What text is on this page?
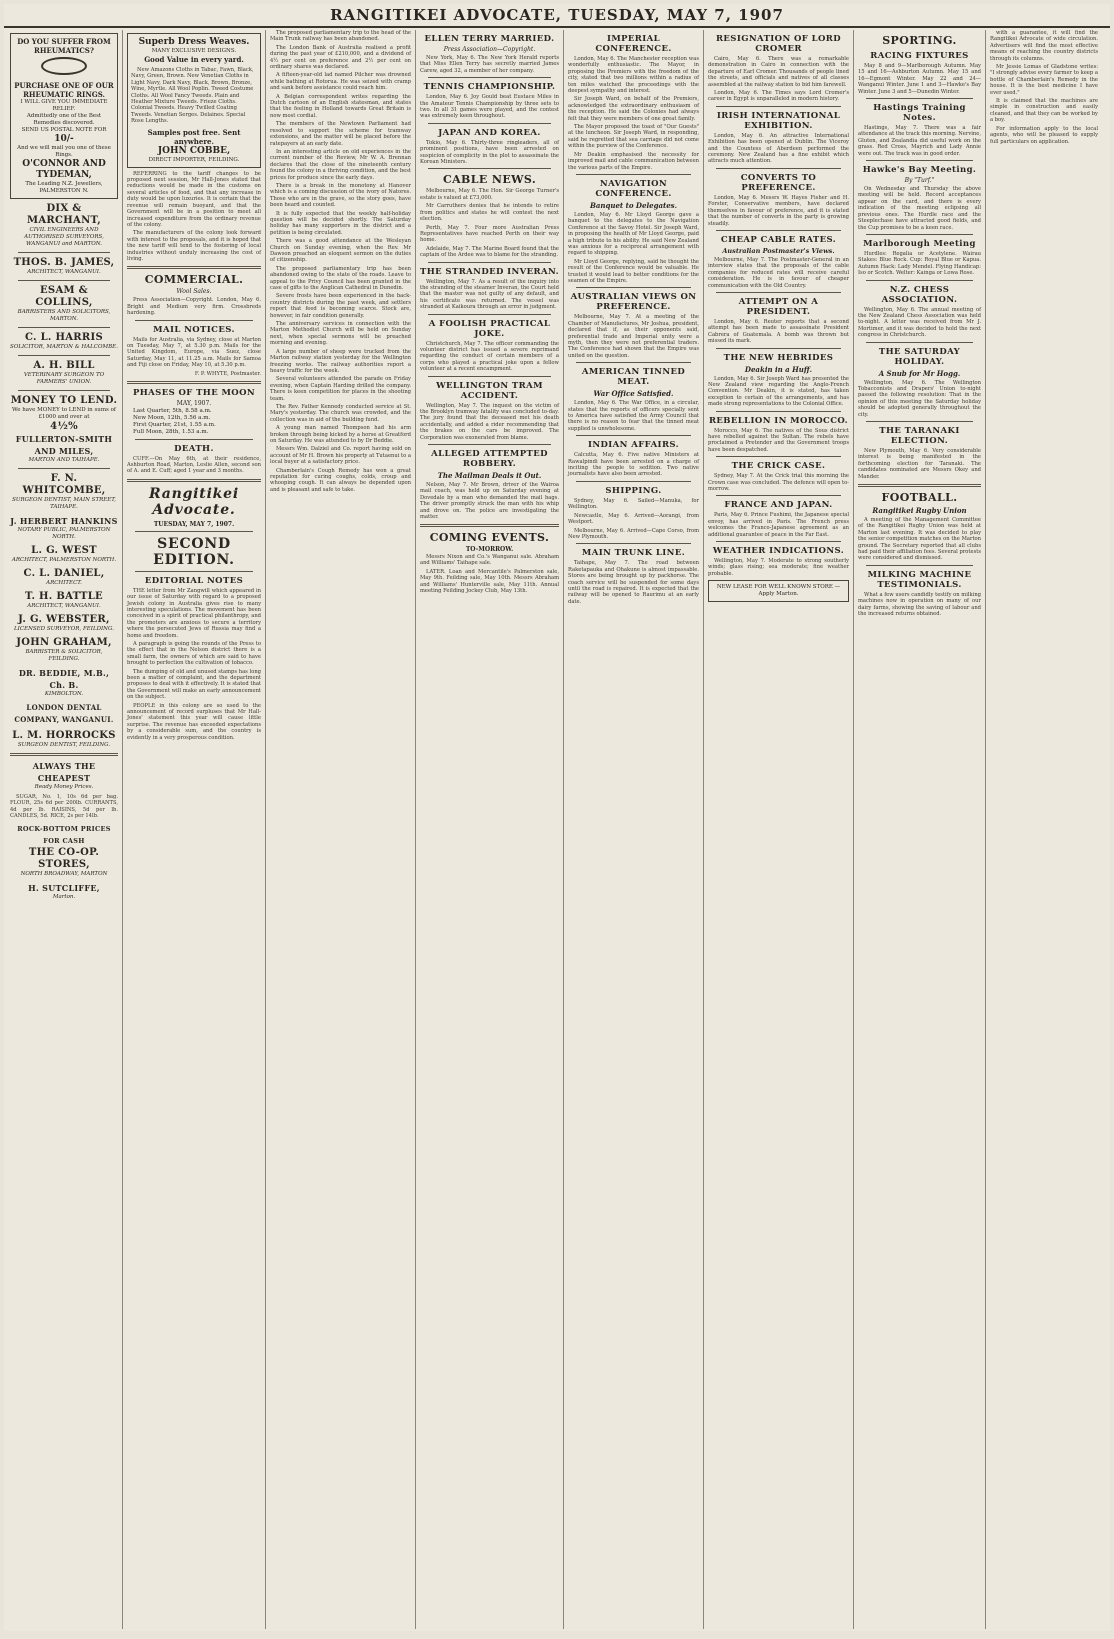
RANGITIKEI ADVOCATE, TUESDAY, MAY 7, 1907
DO YOU SUFFER FROM RHEUMATICS?
PURCHASE ONE OF OUR RHEUMATIC RINGS.
I WILL GIVE YOU IMMEDIATE RELIEF.
Admittedly one of the Best Remedies discovered.
SEND US POSTAL NOTE FOR
10/-
And we will mail you one of these Rings.
O'CONNOR AND TYDEMAN,
The Leading N.Z. Jewellers, PALMERSTON N.
DIX & MARCHANT,
CIVIL ENGINEERS AND AUTHORISED SURVEYORS, WANGANUI and MARTON.
THOS. B. JAMES,
ARCHITECT, WANGANUI.
ESAM & COLLINS,
BARRISTERS AND SOLICITORS, MARTON.
C. L. HARRIS
SOLICITOR, MARTON & HALCOMBE.
A. H. BILL
VETERINARY SURGEON TO FARMERS' UNION.
MONEY TO LEND.
We have MONEY to LEND in sums of £1000 and over at
4½%
FULLERTON-SMITH AND MILES,
MARTON AND TAIHAPE.
F. N. WHITCOMBE,
SURGEON DENTIST, MAIN STREET, TAIHAPE.
J. HERBERT HANKINS
NOTARY PUBLIC, PALMERSTON NORTH.
L. G. WEST
ARCHITECT, PALMERSTON NORTH.
C. L. DANIEL,
ARCHITECT.
T. H. BATTLE
ARCHITECT, WANGANUI.
J. G. WEBSTER,
LICENSED SURVEYOR, FEILDING.
JOHN GRAHAM,
BARRISTER & SOLICITOR, FEILDING.
DR. BEDDIE, M.B., Ch. B.
KIMBOLTON.
LONDON DENTAL COMPANY, WANGANUI.
L. M. HORROCKS
SURGEON DENTIST, FEILDING.
ALWAYS THE CHEAPEST
Ready Money Prices.

SUGAR, No. 1, 10s 6d per bag. FLOUR, 25s 6d per 200lb. CURRANTS, 4d per lb. RAISINS, 5d per lb. CANDLES, 5d. RICE, 2s per 14lb.

ROCK-BOTTOM PRICES FOR CASH
THE CO-OP. STORES,
NORTH BROADWAY, MARTON
H. SUTCLIFFE,
Marton.
Superb Dress Weaves.
MANY EXCLUSIVE DESIGNS.
Good Value in every yard.

New Amazons Cloths in Tabac, Fawn, Black, Navy, Green, Brown. New Venetian Cloths in Light Navy, Dark Navy, Black, Brown, Bronze, Wine, Myrtle. All Wool Poplin. Tweed Costume Cloths. All Wool Fancy Tweeds. Plain and Heather Mixture Tweeds. Frieze Cloths. Colonial Tweeds. Heavy Twilled Coating Tweeds. Venetian Serges. Delaines. Special Rose Lengths.

Samples post free. Sent anywhere.
JOHN COBBE,
DIRECT IMPORTER, FEILDING.

REFERRING to the tariff changes to be proposed next session, Mr Hall-Jones stated that reductions would be made in the customs on several articles of food, and that any increase in duty would be upon luxuries. It is certain that the revenue will remain buoyant, and that the Government will be in a position to meet all increased expenditure from the ordinary revenue of the colony.

The manufacturers of the colony look forward with interest to the proposals, and it is hoped that the new tariff will tend to the fostering of local industries without unduly increasing the cost of living.

COMMERCIAL.
Wool Sales.

Press Association—Copyright. London, May 6. Bright and Medium very firm. Crossbreds hardening.

MAIL NOTICES.

Mails for Australia, via Sydney, close at Marton on Tuesday, May 7, at 5.30 p.m. Mails for the United Kingdom, Europe, via Suez, close Saturday, May 11, at 11.25 a.m. Mails for Samoa and Fiji close on Friday, May 10, at 5.30 p.m.

F. P. WHYTE, Postmaster.

PHASES OF THE MOON
MAY, 1907.
Last Quarter, 5th, 8.58 a.m.
New Moon, 12th, 5.56 a.m.
First Quarter, 21st, 1.55 a.m.
Full Moon, 28th, 1.53 a.m.
DEATH.

CUFF.—On May 6th, at their residence, Ashburton Road, Marton, Leslie Allen, second son of A. and E. Cuff; aged 1 year and 3 months.

Rangitikei Advocate.
TUESDAY, MAY 7, 1907.
SECOND EDITION.
EDITORIAL NOTES

THE letter from Mr Zangwill which appeared in our issue of Saturday with regard to a proposed Jewish colony in Australia gives rise to many interesting speculations. The movement has been conceived in a spirit of practical philanthropy, and the promoters are anxious to secure a territory where the persecuted Jews of Russia may find a home and freedom.

A paragraph is going the rounds of the Press to the effect that in the Nelson district there is a small farm, the owners of which are said to have brought to perfection the cultivation of tobacco.

The dumping of old and unused stamps has long been a matter of complaint, and the department proposes to deal with it effectively. It is stated that the Government will make an early announcement on the subject.

PEOPLE in this colony are so used to the announcement of record surpluses that Mr Hall-Jones' statement this year will cause little surprise. The revenue has exceeded expectations by a considerable sum, and the country is evidently in a very prosperous condition.

The proposed parliamentary trip to the head of the Main Trunk railway has been abandoned.

The London Bank of Australia realised a profit during the past year of £210,000, and a dividend of 4½ per cent on preference and 2½ per cent on ordinary shares was declared.

A fifteen-year-old lad named Pilcher was drowned while bathing at Rotorua. He was seized with cramp and sank before assistance could reach him.

A Belgian correspondent writes regarding the Dutch cartoon of an English statesman, and states that the feeling in Holland towards Great Britain is now most cordial.

The members of the Newtown Parliament had resolved to support the scheme for tramway extensions, and the matter will be placed before the ratepayers at an early date.

In an interesting article on old experiences in the current number of the Review, Mr W. A. Brennan declares that the close of the nineteenth century found the colony in a thriving condition, and the best prices for produce since the early days.

There is a break in the monotony at Hanover which is a coming discussion of the ivory of Natores. Those who are in the grave, so the story goes, have been heard and counted.

It is fully expected that the weekly half-holiday question will be decided shortly. The Saturday holiday has many supporters in the district and a petition is being circulated.

There was a good attendance at the Wesleyan Church on Sunday evening, when the Rev. Mr Dawson preached an eloquent sermon on the duties of citizenship.

The proposed parliamentary trip has been abandoned owing to the state of the roads. Leave to appeal to the Privy Council has been granted in the case of gifts to the Anglican Cathedral in Dunedin.

Severe frosts have been experienced in the back-country districts during the past week, and settlers report that feed is becoming scarce. Stock are, however, in fair condition generally.

The anniversary services in connection with the Marton Methodist Church will be held on Sunday next, when special sermons will be preached morning and evening.

A large number of sheep were trucked from the Marton railway station yesterday for the Wellington freezing works. The railway authorities report a heavy traffic for the week.

Several volunteers attended the parade on Friday evening, when Captain Harding drilled the company. There is keen competition for places in the shooting team.

The Rev. Father Kennedy conducted service at St. Mary's yesterday. The church was crowded, and the collection was in aid of the building fund.

A young man named Thompson had his arm broken through being kicked by a horse at Greatford on Saturday. He was attended to by Dr Beddie.

Messrs Wm. Dalziel and Co. report having sold on account of Mr H. Brown his property at Tutaenui to a local buyer at a satisfactory price.

Chamberlain's Cough Remedy has won a great reputation for curing coughs, colds, croup and whooping cough. It can always be depended upon and is pleasant and safe to take.

ELLEN TERRY MARRIED.
Press Association—Copyright.

New York, May 6. The New York Herald reports that Miss Ellen Terry has secretly married James Carew, aged 32, a member of her company.

TENNIS CHAMPIONSHIP.

London, May 6. Joy Gould beat Eustace Miles in the Amateur Tennis Championship by three sets to two. In all 31 games were played, and the contest was extremely keen throughout.

JAPAN AND KOREA.

Tokio, May 6. Thirty-three ringleaders, all of prominent positions, have been arrested on suspicion of complicity in the plot to assassinate the Korean Ministers.

CABLE NEWS.

Melbourne, May 6. The Hon. Sir George Turner's estate is valued at £73,000.

Mr Carruthers denies that he intends to retire from politics and states he will contest the next election.

Perth, May 7. Four more Australian Press Representatives have reached Perth on their way home.

Adelaide, May 7. The Marine Board found that the captain of the Ardee was to blame for the stranding.

THE STRANDED INVERAN.

Wellington, May 7. As a result of the inquiry into the stranding of the steamer Inveran, the Court held that the master was not guilty of any default, and his certificate was returned. The vessel was stranded at Kaikoura through an error in judgment.

A FOOLISH PRACTICAL JOKE.

Christchurch, May 7. The officer commanding the volunteer district has issued a severe reprimand regarding the conduct of certain members of a corps who played a practical joke upon a fellow volunteer at a recent encampment.

WELLINGTON TRAM ACCIDENT.

Wellington, May 7. The inquest on the victim of the Brooklyn tramway fatality was concluded to-day. The jury found that the deceased met his death accidentally, and added a rider recommending that the brakes on the cars be improved. The Corporation was exonerated from blame.

ALLEGED ATTEMPTED ROBBERY.
The Mailman Deals it Out.

Nelson, May 7. Mr Brown, driver of the Wairoa mail coach, was held up on Saturday evening at Dovedale by a man who demanded the mail bags. The driver promptly struck the man with his whip and drove on. The police are investigating the matter.

COMING EVENTS.
TO-MORROW.

Messrs Nixon and Co.'s Wanganui sale. Abraham and Williams' Taihape sale.

LATER. Loan and Mercantile's Palmerston sale, May 9th. Feilding sale, May 10th. Messrs Abraham and Williams' Hunterville sale, May 11th. Annual meeting Feilding Jockey Club, May 13th.

IMPERIAL CONFERENCE.

London, May 6. The Manchester reception was wonderfully enthusiastic. The Mayor, in proposing the Premiers with the freedom of the city, stated that two millions within a radius of ten miles watched the proceedings with the deepest sympathy and interest.

Sir Joseph Ward, on behalf of the Premiers, acknowledged the extraordinary enthusiasm of the reception. He said the Colonies had always felt that they were members of one great family.

The Mayor proposed the toast of "Our Guests" at the luncheon. Sir Joseph Ward, in responding, said he regretted that sea carriage did not come within the purview of the Conference.

Mr Deakin emphasised the necessity for improved mail and cable communication between the various parts of the Empire.

NAVIGATION CONFERENCE.
Banquet to Delegates.

London, May 6. Mr Lloyd George gave a banquet to the delegates to the Navigation Conference at the Savoy Hotel. Sir Joseph Ward, in proposing the health of Mr Lloyd George, paid a high tribute to his ability. He said New Zealand was anxious for a reciprocal arrangement with regard to shipping.

Mr Lloyd George, replying, said he thought the result of the Conference would be valuable. He trusted it would lead to better conditions for the seamen of the Empire.

AUSTRALIAN VIEWS ON PREFERENCE.

Melbourne, May 7. At a meeting of the Chamber of Manufactures, Mr Joshua, president, declared that if, as their opponents said, preferential trade and Imperial unity were a myth, then they were not preferential traders. The Conference had shown that the Empire was united on the question.

AMERICAN TINNED MEAT.
War Office Satisfied.

London, May 6. The War Office, in a circular, states that the reports of officers specially sent to America have satisfied the Army Council that there is no reason to fear that the tinned meat supplied is unwholesome.

INDIAN AFFAIRS.

Calcutta, May 6. Five native Ministers at Rawalpindi have been arrested on a charge of inciting the people to sedition. Two native journalists have also been arrested.

SHIPPING.

Sydney, May 6. Sailed—Manuka, for Wellington.

Newcastle, May 6. Arrived—Aorangi, from Westport.

Melbourne, May 6. Arrived—Cape Corso, from New Plymouth.

MAIN TRUNK LINE.

Taihape, May 7. The road between Raketapauka and Ohakune is almost impassable. Stores are being brought up by packhorse. The coach service will be suspended for some days until the road is repaired. It is expected that the railway will be opened to Raurimu at an early date.

RESIGNATION OF LORD CROMER

Cairo, May 6. There was a remarkable demonstration in Cairo in connection with the departure of Earl Cromer. Thousands of people lined the streets, and officials and natives of all classes assembled at the railway station to bid him farewell.

London, May 6. The Times says Lord Cromer's career in Egypt is unparalleled in modern history.

IRISH INTERNATIONAL EXHIBITION.

London, May 6. An attractive International Exhibition has been opened at Dublin. The Viceroy and the Countess of Aberdeen performed the ceremony. New Zealand has a fine exhibit which attracts much attention.

CONVERTS TO PREFERENCE.

London, May 6. Messrs W. Hayes Fisher and H. Forster, Conservative members, have declared themselves in favour of preference, and it is stated that the number of converts in the party is growing steadily.

CHEAP CABLE RATES.
Australian Postmaster's Views.

Melbourne, May 7. The Postmaster-General in an interview states that the proposals of the cable companies for reduced rates will receive careful consideration. He is in favour of cheaper communication with the Old Country.

ATTEMPT ON A PRESIDENT.

London, May 6. Reuter reports that a second attempt has been made to assassinate President Cabrera of Guatemala. A bomb was thrown but missed its mark.

THE NEW HEBRIDES
Deakin in a Huff.

London, May 6. Sir Joseph Ward has presented the New Zealand view regarding the Anglo-French Convention. Mr Deakin, it is stated, has taken exception to certain of the arrangements, and has made strong representations to the Colonial Office.

REBELLION IN MOROCCO.

Morocco, May 6. The natives of the Sous district have rebelled against the Sultan. The rebels have proclaimed a Pretender and the Government troops have been despatched.

THE CRICK CASE.

Sydney, May 7. At the Crick trial this morning the Crown case was concluded. The defence will open to-morrow.

FRANCE AND JAPAN.

Paris, May 6. Prince Fushimi, the Japanese special envoy, has arrived in Paris. The French press welcomes the Franco-Japanese agreement as an additional guarantee of peace in the Far East.

WEATHER INDICATIONS.

Wellington, May 7. Moderate to strong southerly winds; glass rising; sea moderate; fine weather probable.

NEW LEASE FOR WELL KNOWN STORE — Apply Marton.
SPORTING.
RACING FIXTURES

May 8 and 9—Marlborough Autumn. May 15 and 16—Ashburton Autumn. May 15 and 16—Egmont Winter. May 22 and 24—Wanganui Winter. June 1 and 3—Hawke's Bay Winter. June 3 and 5—Dunedin Winter.

Hastings Training Notes.

Hastings, May 7. There was a fair attendance at the track this morning. Nervine, Gluten, and Zealandia did useful work on the grass. Red Cross, Mayrich and Lady Annie were out. The track was in good order.

Hawke's Bay Meeting.
By "Turf."

On Wednesday and Thursday the above meeting will be held. Record acceptances appear on the card, and there is every indication of the meeting eclipsing all previous ones. The Hurdle race and the Steeplechase have attracted good fields, and the Cup promises to be a keen race.

Marlborough Meeting

Hurdles: Regalia or Acetylene. Wairau Stakes: Blue Rock. Cup: Royal Blue or Kapua. Autumn Hack: Lady Mendel. Flying Handicap: Iso or Scotch. Welter: Kainga or Lowa Rose.

N.Z. CHESS ASSOCIATION.

Wellington, May 6. The annual meeting of the New Zealand Chess Association was held to-night. A letter was received from Mr J. Mortimer, and it was decided to hold the next congress in Christchurch.

THE SATURDAY HOLIDAY.
A Snub for Mr Hogg.

Wellington, May 6. The Wellington Tobacconists and Drapers' Union to-night passed the following resolution: That in the opinion of this meeting the Saturday holiday should be adopted generally throughout the city.

THE TARANAKI ELECTION.

New Plymouth, May 6. Very considerable interest is being manifested in the forthcoming election for Taranaki. The candidates nominated are Messrs Okey and Mander.

FOOTBALL.
Rangitikei Rugby Union

A meeting of the Management Committee of the Rangitikei Rugby Union was held at Marton last evening. It was decided to play the senior competition matches on the Marton ground. The Secretary reported that all clubs had paid their affiliation fees. Several protests were considered and dismissed.

MILKING MACHINE TESTIMONIALS.

What a few users candidly testify on milking machines now in operation on many of our dairy farms, showing the saving of labour and the increased returns obtained.

with a guarantee, it will find the Rangitikei Advocate of wide circulation. Advertisers will find the most effective means of reaching the country districts through its columns.

Mr Jessie Lomas of Gladstone writes: "I strongly advise every farmer to keep a bottle of Chamberlain's Remedy in the house. It is the best medicine I have ever used."

It is claimed that the machines are simple in construction and easily cleaned, and that they can be worked by a boy.

For information apply to the local agents, who will be pleased to supply full particulars on application.
